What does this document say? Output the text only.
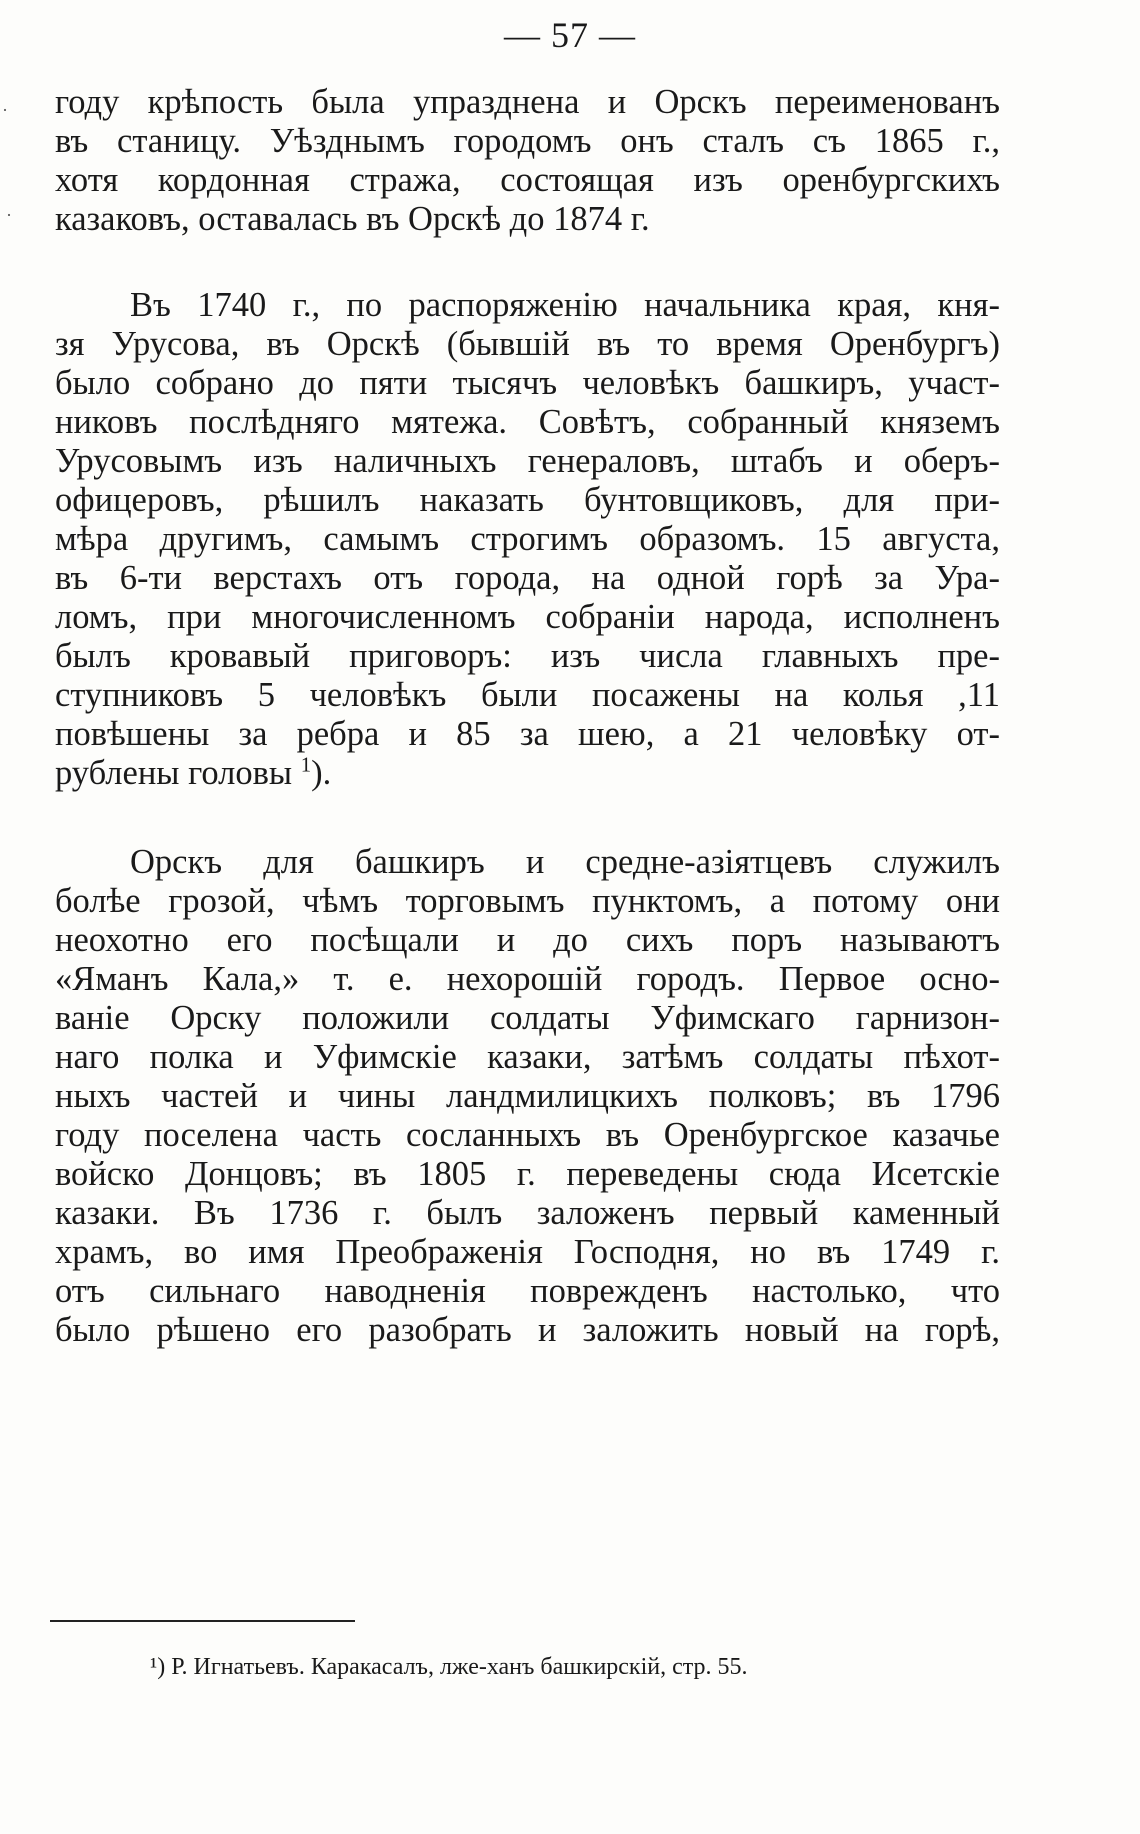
— 57 —
году крѣпость была упразднена и Орскъ переименованъ
въ станицу. Уѣзднымъ городомъ онъ сталъ съ 1865 г.,
хотя кордонная стража, состоящая изъ оренбургскихъ
казаковъ, оставалась въ Орскѣ до 1874 г.
Въ 1740 г., по распоряженію начальника края, кня-
зя Урусова, въ Орскѣ (бывшій въ то время Оренбургъ)
было собрано до пяти тысячъ человѣкъ башкиръ, участ-
никовъ послѣдняго мятежа. Совѣтъ, собранный княземъ
Урусовымъ изъ наличныхъ генераловъ, штабъ и оберъ-
офицеровъ, рѣшилъ наказать бунтовщиковъ, для при-
мѣра другимъ, самымъ строгимъ образомъ. 15 августа,
въ 6-ти верстахъ отъ города, на одной горѣ за Ура-
ломъ, при многочисленномъ собраніи народа, исполненъ
былъ кровавый приговоръ: изъ числа главныхъ пре-
ступниковъ 5 человѣкъ были посажены на колья ,11
повѣшены за ребра и 85 за шею, а 21 человѣку от-
рублены головы $^1$).
Орскъ для башкиръ и средне-азіятцевъ служилъ
болѣе грозой, чѣмъ торговымъ пунктомъ, а потому они
неохотно его посѣщали и до сихъ поръ называютъ
«Яманъ Кала,» т. е. нехорошій городъ. Первое осно-
ваніе Орску положили солдаты Уфимскаго гарнизон-
наго полка и Уфимскіе казаки, затѣмъ солдаты пѣхот-
ныхъ частей и чины ландмилицкихъ полковъ; въ 1796
году поселена часть сосланныхъ въ Оренбургское казачье
войско Донцовъ; въ 1805 г. переведены сюда Исетскіе
казаки. Въ 1736 г. былъ заложенъ первый каменный
храмъ, во имя Преображенія Господня, но въ 1749 г.
отъ сильнаго наводненія поврежденъ настолько, что
было рѣшено его разобрать и заложить новый на горѣ,
¹) Р. Игнатьевъ. Каракасалъ, лже-ханъ башкирскій, стр. 55.
·
·
